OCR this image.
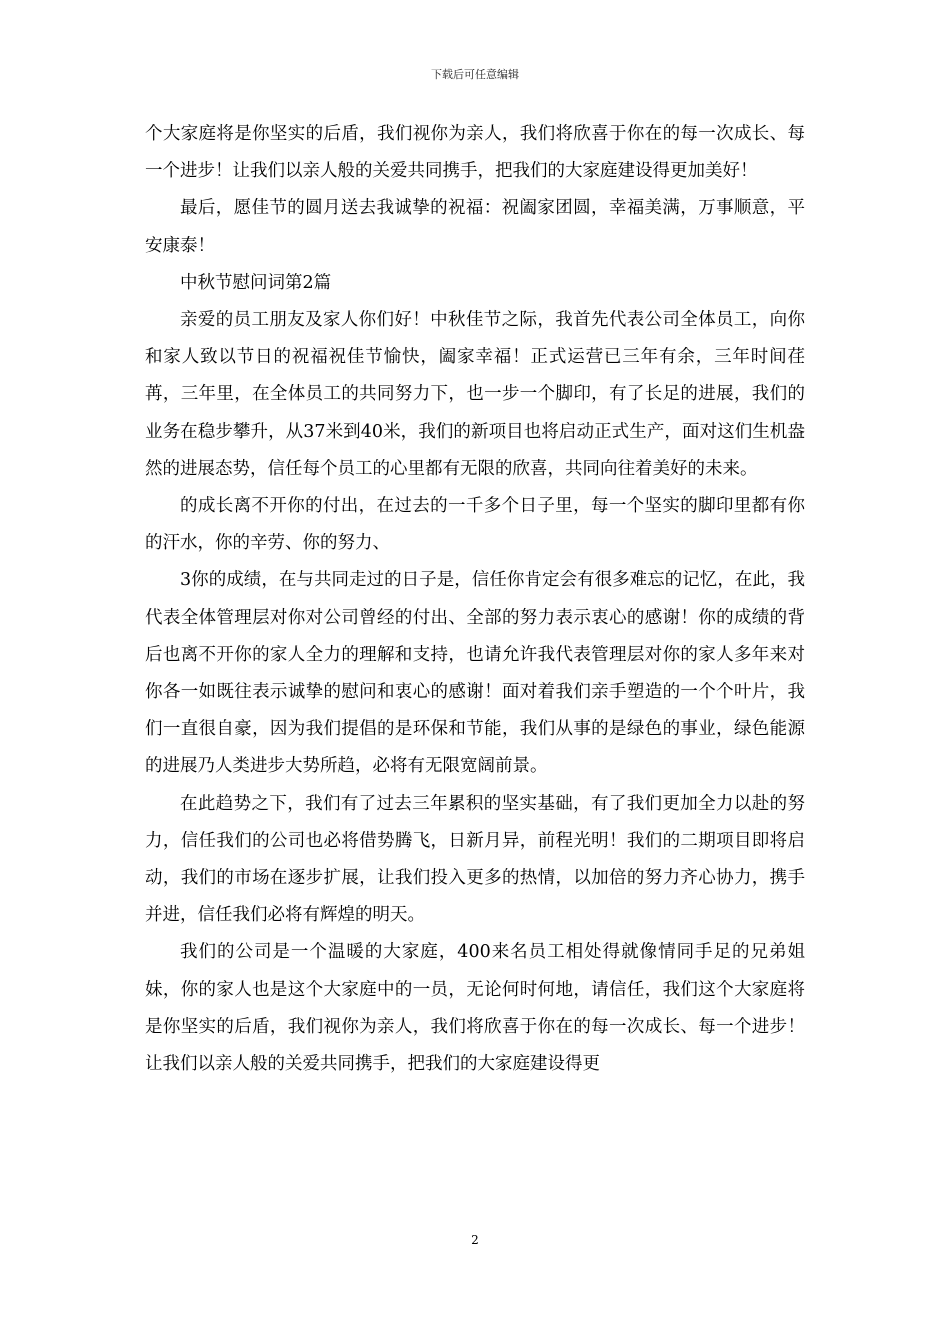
下载后可任意编辑

个大家庭将是你坚实的后盾，我们视你为亲人，我们将欣喜于你在的每一次成长、每一个进步！让我们以亲人般的关爱共同携手，把我们的大家庭建设得更加美好！

最后，愿佳节的圆月送去我诚挚的祝福：祝阖家团圆，幸福美满，万事顺意，平安康泰！

中秋节慰问词第2篇

亲爱的员工朋友及家人你们好！中秋佳节之际，我首先代表公司全体员工，向你和家人致以节日的祝福祝佳节愉快，阖家幸福！正式运营已三年有余，三年时间荏苒，三年里，在全体员工的共同努力下，也一步一个脚印，有了长足的进展，我们的业务在稳步攀升，从37米到40米，我们的新项目也将启动正式生产，面对这们生机盎然的进展态势，信任每个员工的心里都有无限的欣喜，共同向往着美好的未来。

的成长离不开你的付出，在过去的一千多个日子里，每一个坚实的脚印里都有你的汗水，你的辛劳、你的努力、

3你的成绩，在与共同走过的日子是，信任你肯定会有很多难忘的记忆，在此，我代表全体管理层对你对公司曾经的付出、全部的努力表示衷心的感谢！你的成绩的背后也离不开你的家人全力的理解和支持，也请允许我代表管理层对你的家人多年来对你各一如既往表示诚挚的慰问和衷心的感谢！面对着我们亲手塑造的一个个叶片，我们一直很自豪，因为我们提倡的是环保和节能，我们从事的是绿色的事业，绿色能源的进展乃人类进步大势所趋，必将有无限宽阔前景。

在此趋势之下，我们有了过去三年累积的坚实基础，有了我们更加全力以赴的努力，信任我们的公司也必将借势腾飞，日新月异，前程光明！我们的二期项目即将启动，我们的市场在逐步扩展，让我们投入更多的热情，以加倍的努力齐心协力，携手并进，信任我们必将有辉煌的明天。

我们的公司是一个温暖的大家庭，400来名员工相处得就像情同手足的兄弟姐妹，你的家人也是这个大家庭中的一员，无论何时何地，请信任，我们这个大家庭将是你坚实的后盾，我们视你为亲人，我们将欣喜于你在的每一次成长、每一个进步！让我们以亲人般的关爱共同携手，把我们的大家庭建设得更

2
